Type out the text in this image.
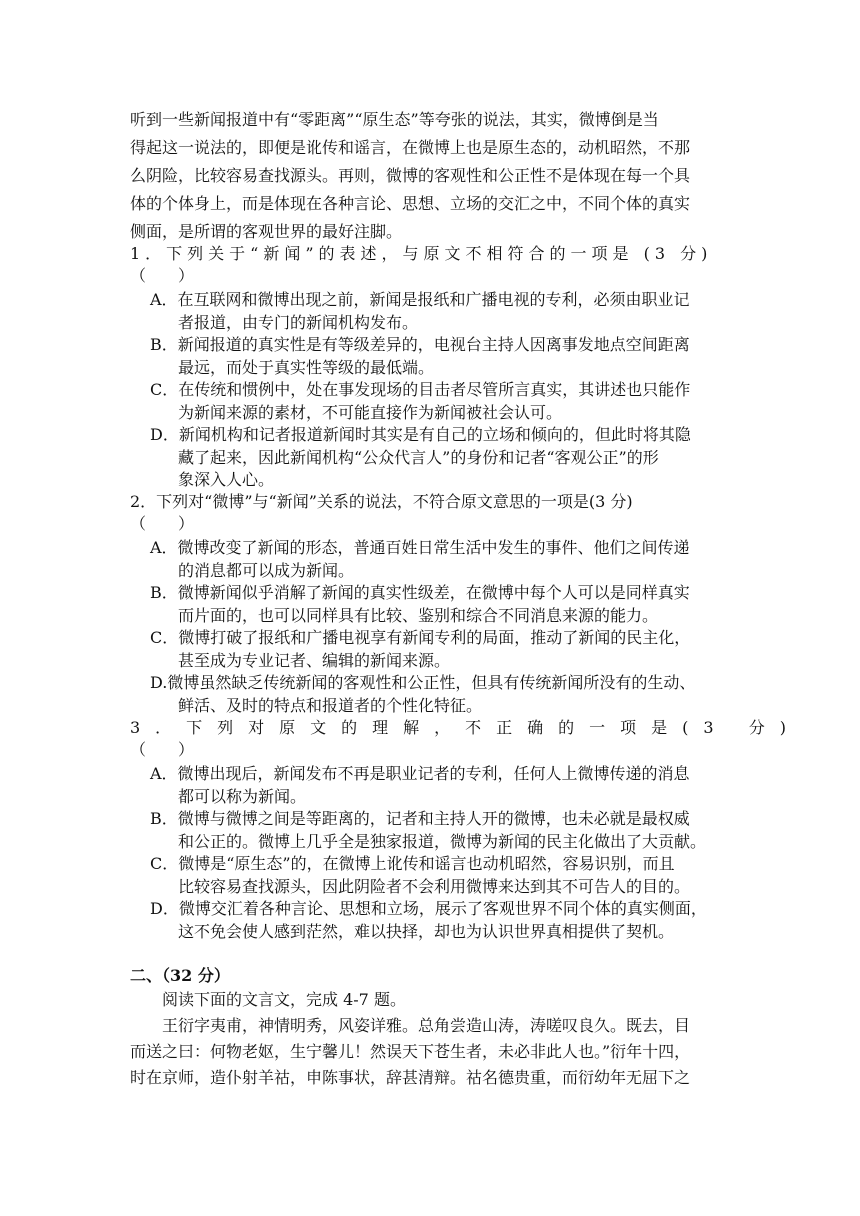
听到一些新闻报道中有“零距离”“原生态”等夸张的说法，其实，微博倒是当
得起这一说法的，即便是讹传和谣言，在微博上也是原生态的，动机昭然，不那
么阴险，比较容易查找源头。再则，微博的客观性和公正性不是体现在每一个具
体的个体身上，而是体现在各种言论、思想、立场的交汇之中，不同个体的真实
侧面，是所谓的客观世界的最好注脚。
1．下列关于“新闻”的表述，与原文不相符合的一项是 (3 分)
（　　）
A．在互联网和微博出现之前，新闻是报纸和广播电视的专利，必须由职业记
者报道，由专门的新闻机构发布。
B．新闻报道的真实性是有等级差异的，电视台主持人因离事发地点空间距离
最远，而处于真实性等级的最低端。
C．在传统和惯例中，处在事发现场的目击者尽管所言真实，其讲述也只能作
为新闻来源的素材，不可能直接作为新闻被社会认可。
D．新闻机构和记者报道新闻时其实是有自己的立场和倾向的，但此时将其隐
藏了起来，因此新闻机构“公众代言人”的身份和记者“客观公正”的形
象深入人心。
2．下列对“微博”与“新闻”关系的说法，不符合原文意思的一项是(3 分)
（　　）
A．微博改变了新闻的形态，普通百姓日常生活中发生的事件、他们之间传递
的消息都可以成为新闻。
B．微博新闻似乎消解了新闻的真实性级差，在微博中每个人可以是同样真实
而片面的，也可以同样具有比较、鉴别和综合不同消息来源的能力。
C．微博打破了报纸和广播电视享有新闻专利的局面，推动了新闻的民主化，
甚至成为专业记者、编辑的新闻来源。
D.微博虽然缺乏传统新闻的客观性和公正性，但具有传统新闻所没有的生动、
鲜活、及时的特点和报道者的个性化特征。
3．下列对原文的理解，不正确的一项是(3 分)
（　　）
A．微博出现后，新闻发布不再是职业记者的专利，任何人上微博传递的消息
都可以称为新闻。
B．微博与微博之间是等距离的，记者和主持人开的微博，也未必就是最权威
和公正的。微博上几乎全是独家报道，微博为新闻的民主化做出了大贡献。
C．微博是“原生态”的，在微博上讹传和谣言也动机昭然，容易识别，而且
比较容易查找源头，因此阴险者不会利用微博来达到其不可告人的目的。
D．微博交汇着各种言论、思想和立场，展示了客观世界不同个体的真实侧面，
这不免会使人感到茫然，难以抉择，却也为认识世界真相提供了契机。
二、（32 分）
阅读下面的文言文，完成 4-7 题。
王衍字夷甫，神情明秀，风姿详雅。总角尝造山涛，涛嗟叹良久。既去，目
而送之曰：何物老妪，生宁馨儿！然误天下苍生者，未必非此人也。”衍年十四，
时在京师，造仆射羊祜，申陈事状，辞甚清辩。祜名德贵重，而衍幼年无屈下之
